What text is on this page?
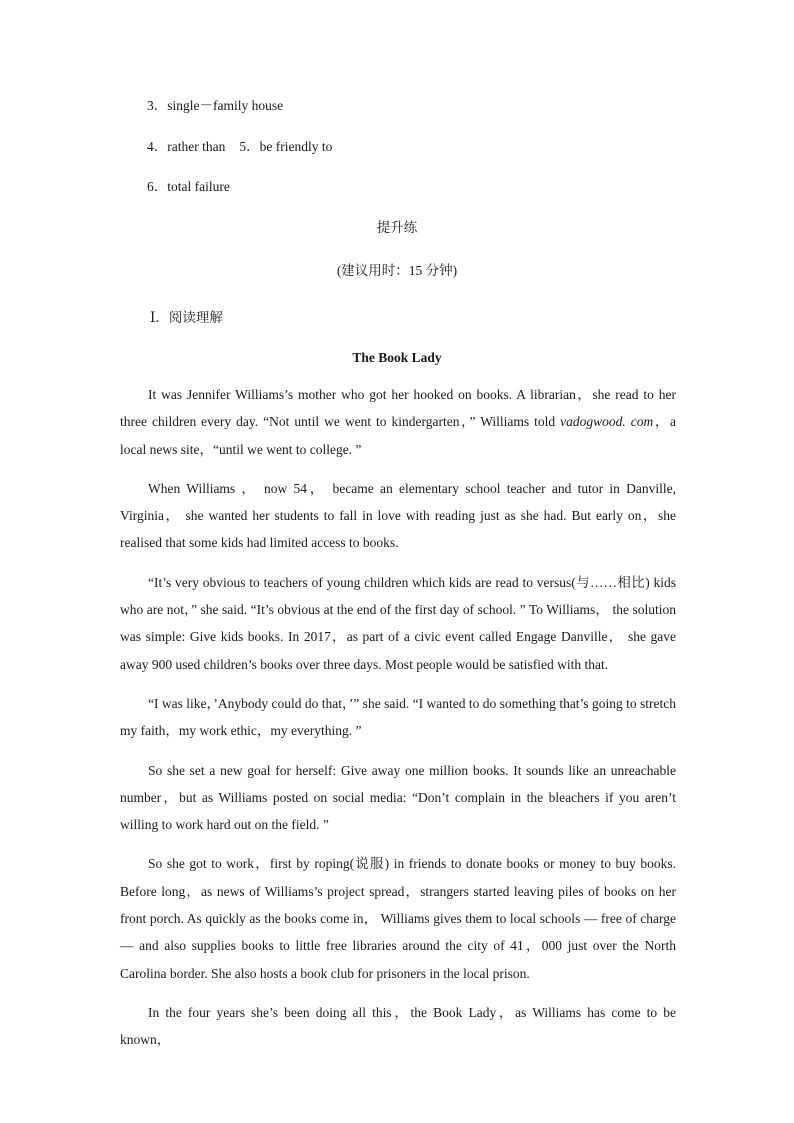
3．single－family house
4．rather than 5．be friendly to
6．total failure
提升练
(建议用时：15 分钟)
Ⅰ．阅读理解
The Book Lady

It was Jennifer Williams’s mother who got her hooked on books. A librarian，she read to her three children every day. “Not until we went to kindergarten，” Williams told vadogwood. com，a local news site，“until we went to college. ”

When Williams ， now 54， became an elementary school teacher and tutor in Danville, Virginia， she wanted her students to fall in love with reading just as she had. But early on，she realised that some kids had limited access to books.

“It’s very obvious to teachers of young children which kids are read to versus(与……相比) kids who are not，” she said. “It’s obvious at the end of the first day of school. ” To Williams， the solution was simple: Give kids books. In 2017，as part of a civic event called Engage Danville， she gave away 900 used children’s books over three days. Most people would be satisfied with that.

“I was like，’Anybody could do that，’” she said. “I wanted to do something that’s going to stretch my faith，my work ethic，my everything. ”

So she set a new goal for herself: Give away one million books. It sounds like an unreachable number，but as Williams posted on social media: “Don’t complain in the bleachers if you aren’t willing to work hard out on the field. ”

So she got to work，first by roping(说服) in friends to donate books or money to buy books. Before long，as news of Williams’s project spread，strangers started leaving piles of books on her front porch. As quickly as the books come in， Williams gives them to local schools — free of charge — and also supplies books to little free libraries around the city of 41，000 just over the North Carolina border. She also hosts a book club for prisoners in the local prison.

In the four years she’s been doing all this，the Book Lady，as Williams has come to be known，
